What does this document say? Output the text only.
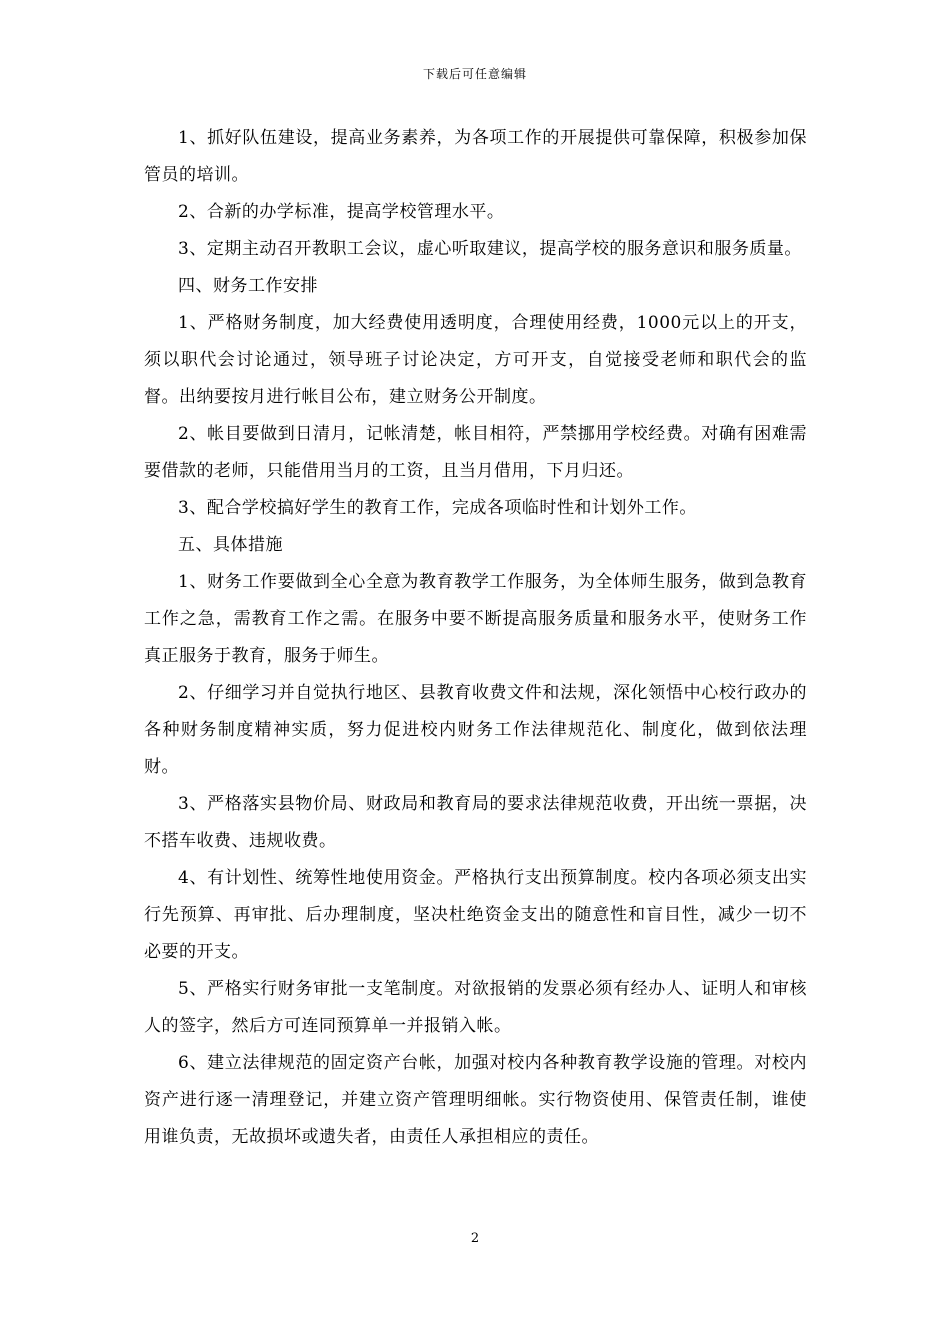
下载后可任意编辑

1、抓好队伍建设，提高业务素养，为各项工作的开展提供可靠保障，积极参加保管员的培训。

2、合新的办学标准，提高学校管理水平。

3、定期主动召开教职工会议，虚心听取建议，提高学校的服务意识和服务质量。

四、财务工作安排

1、严格财务制度，加大经费使用透明度，合理使用经费，1000元以上的开支，须以职代会讨论通过，领导班子讨论决定，方可开支，自觉接受老师和职代会的监督。出纳要按月进行帐目公布，建立财务公开制度。

2、帐目要做到日清月，记帐清楚，帐目相符，严禁挪用学校经费。对确有困难需要借款的老师，只能借用当月的工资，且当月借用，下月归还。

3、配合学校搞好学生的教育工作，完成各项临时性和计划外工作。

五、具体措施

1、财务工作要做到全心全意为教育教学工作服务，为全体师生服务，做到急教育工作之急，需教育工作之需。在服务中要不断提高服务质量和服务水平，使财务工作真正服务于教育，服务于师生。

2、仔细学习并自觉执行地区、县教育收费文件和法规，深化领悟中心校行政办的各种财务制度精神实质，努力促进校内财务工作法律规范化、制度化，做到依法理财。

3、严格落实县物价局、财政局和教育局的要求法律规范收费，开出统一票据，决不搭车收费、违规收费。

4、有计划性、统筹性地使用资金。严格执行支出预算制度。校内各项必须支出实行先预算、再审批、后办理制度，坚决杜绝资金支出的随意性和盲目性，减少一切不必要的开支。

5、严格实行财务审批一支笔制度。对欲报销的发票必须有经办人、证明人和审核人的签字，然后方可连同预算单一并报销入帐。

6、建立法律规范的固定资产台帐，加强对校内各种教育教学设施的管理。对校内资产进行逐一清理登记，并建立资产管理明细帐。实行物资使用、保管责任制，谁使用谁负责，无故损坏或遗失者，由责任人承担相应的责任。

2
